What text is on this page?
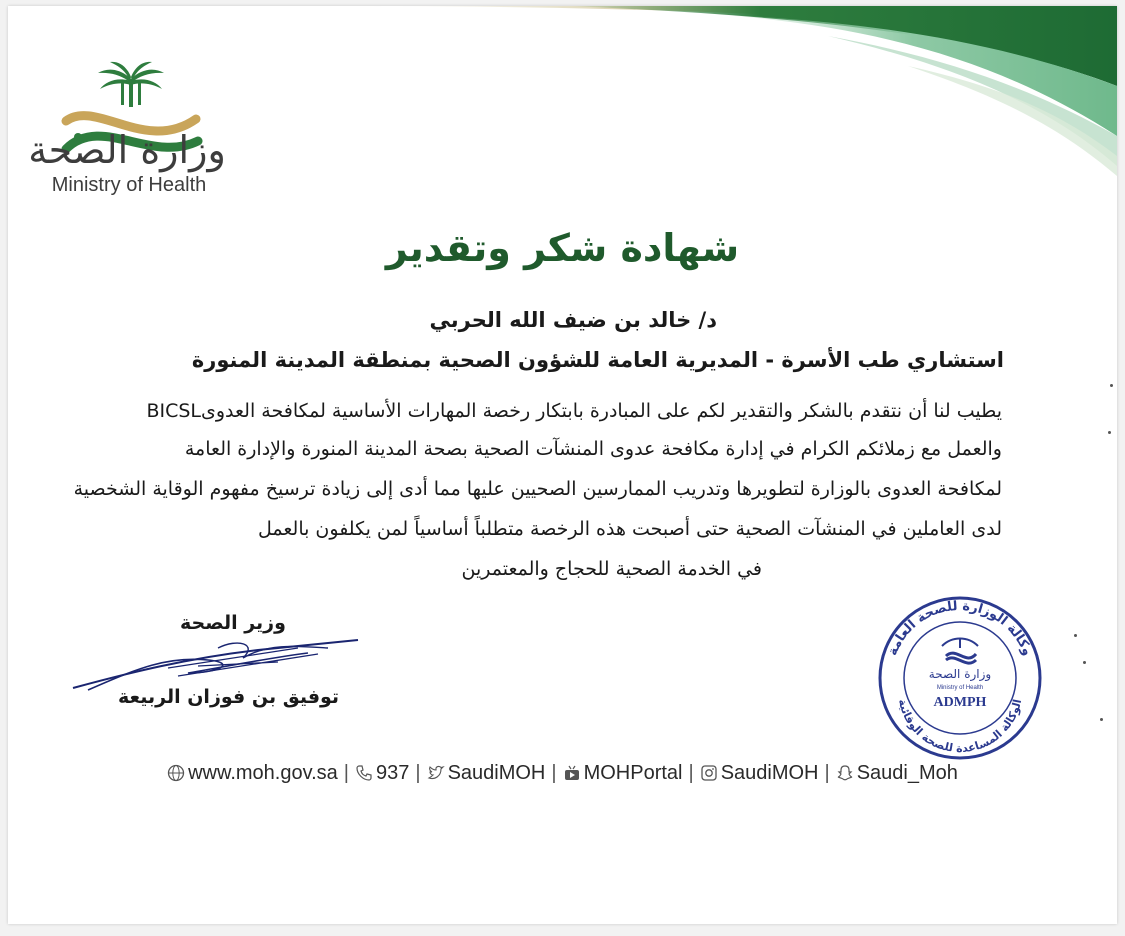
وزارة الصحة
Ministry of Health
شهادة شكر وتقدير
د/ خالد بن ضيف الله الحربي
استشاري طب الأسرة - المديرية العامة للشؤون الصحية بمنطقة المدينة المنورة
يطيب لنا أن نتقدم بالشكر والتقدير لكم على المبادرة بابتكار رخصة المهارات الأساسية لمكافحة العدوىBICSL
والعمل مع زملائكم الكرام في إدارة مكافحة عدوى المنشآت الصحية بصحة المدينة المنورة والإدارة العامة
لمكافحة العدوى بالوزارة لتطويرها وتدريب الممارسين الصحيين عليها مما أدى إلى زيادة ترسيخ مفهوم الوقاية الشخصية
لدى العاملين في المنشآت الصحية حتى أصبحت هذه الرخصة متطلباً أساسياً لمن يكلفون بالعمل
في الخدمة الصحية للحجاج والمعتمرين
وزير الصحة
توفيق بن فوزان الربيعة
وكالة الوزارة للصحة العامة
الوكالة المساعدة للصحة الوقائية
وزارة الصحة
Ministry of Health
ADMPH
www.moh.gov.sa | 937 | SaudiMOH | MOHPortal | SaudiMOH | Saudi_Moh
